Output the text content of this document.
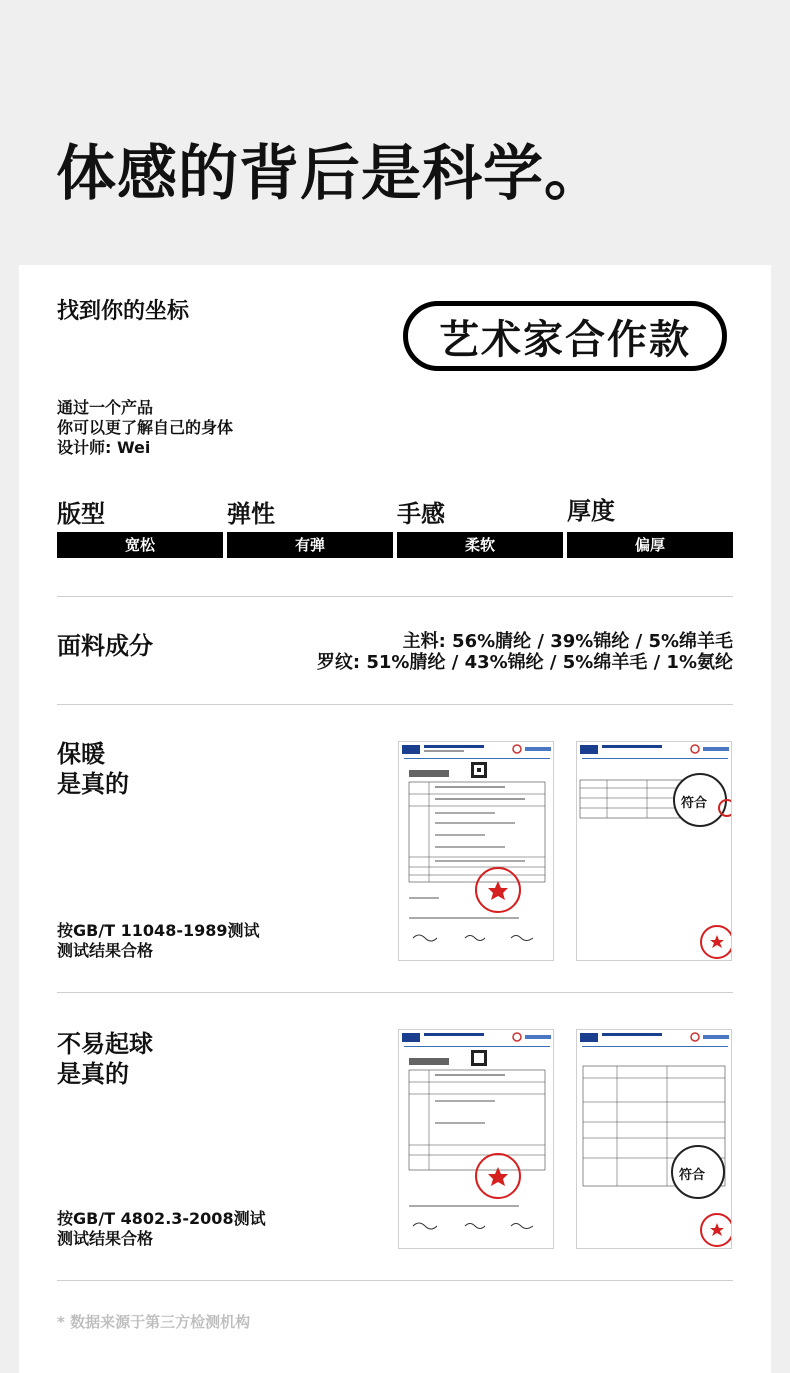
体感的背后是科学。
找到你的坐标
艺术家合作款
通过一个产品
你可以更了解自己的身体
设计师: Wei
版型	弹性	手感	厚度
宽松	有弹	柔软	偏厚
面料成分	主料: 56%腈纶 / 39%锦纶 / 5%绵羊毛
罗纹: 51%腈纶 / 43%锦纶 / 5%绵羊毛 / 1%氨纶
保暖
是真的
按GB/T 11048-1989测试
测试结果合格
符合
不易起球
是真的
按GB/T 4802.3-2008测试
测试结果合格
符合
* 数据来源于第三方检测机构
